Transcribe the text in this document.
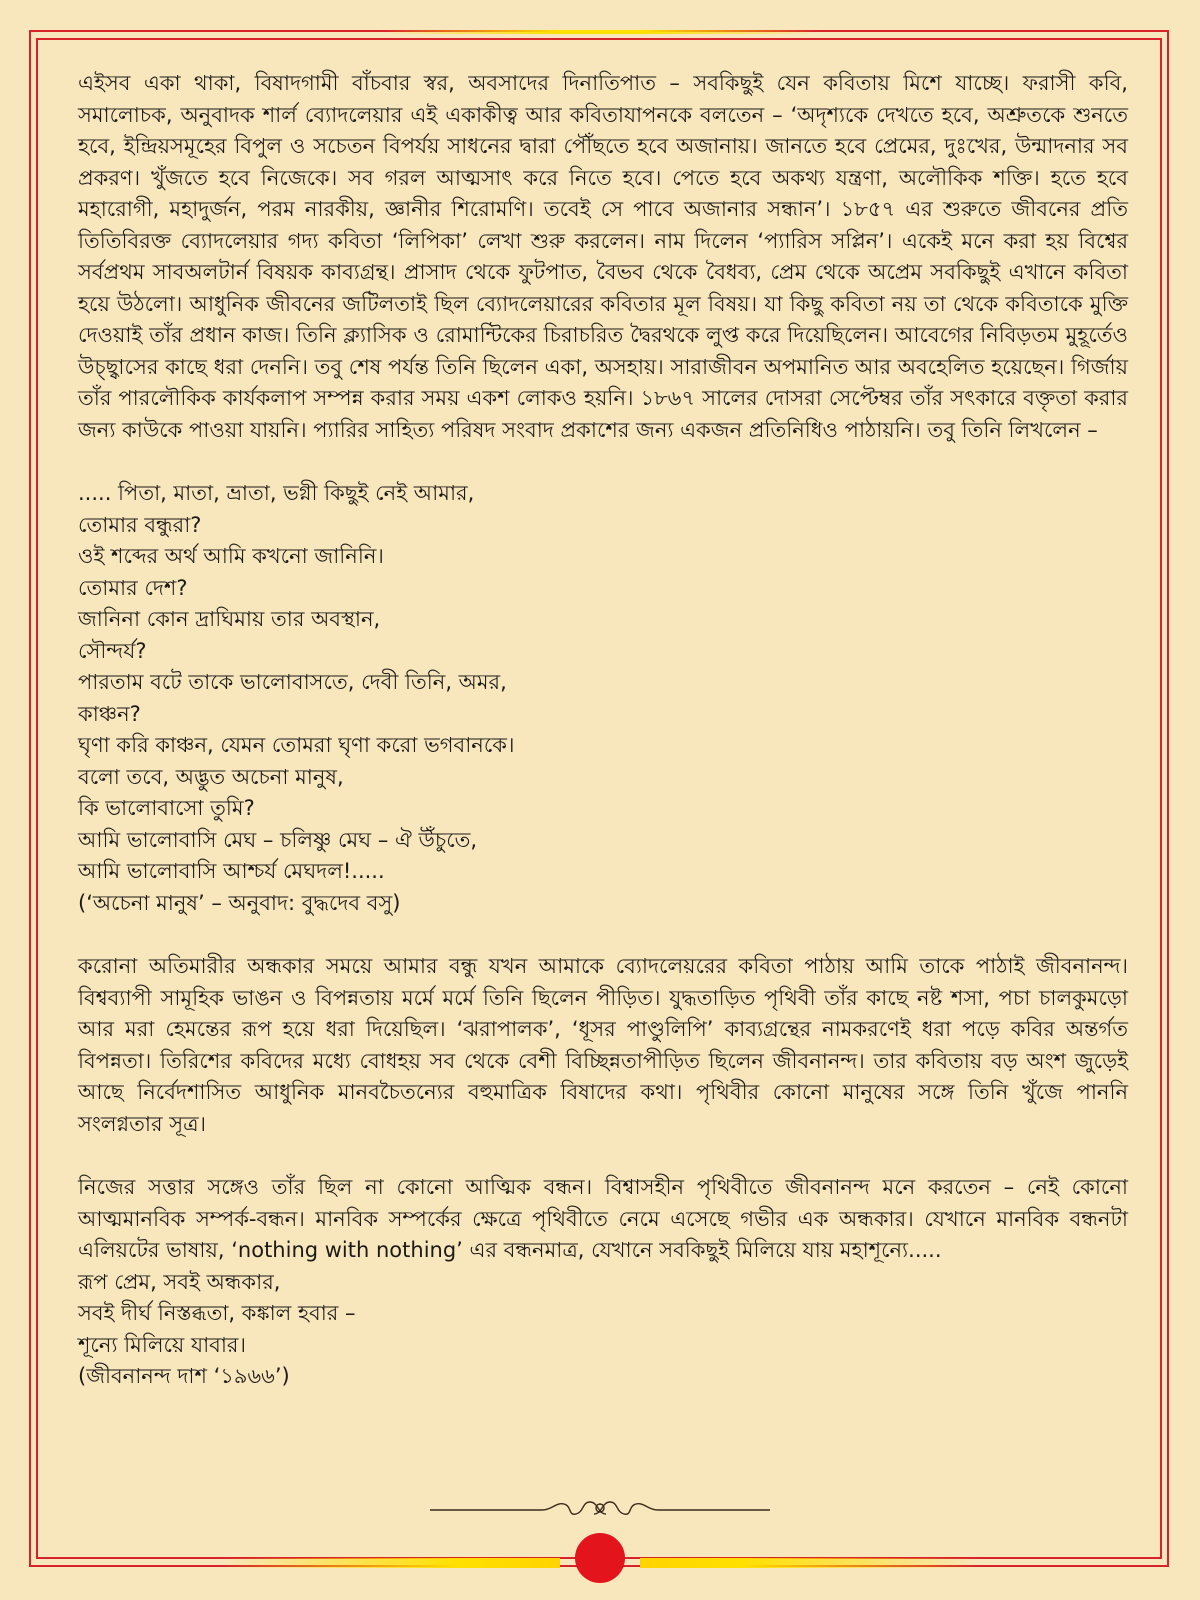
এইসব একা থাকা, বিষাদগামী বাঁচবার স্বর, অবসাদের দিনাতিপাত – সবকিছুই যেন কবিতায় মিশে যাচ্ছে। ফরাসী কবি, সমালোচক, অনুবাদক শার্ল ব্যোদলেয়ার এই একাকীত্ব আর কবিতাযাপনকে বলতেন – ‘অদৃশ্যকে দেখতে হবে, অশ্রুতকে শুনতে হবে, ইন্দ্রিয়সমূহের বিপুল ও সচেতন বিপর্যয় সাধনের দ্বারা পৌঁছতে হবে অজানায়। জানতে হবে প্রেমের, দুঃখের, উন্মাদনার সব প্রকরণ। খুঁজতে হবে নিজেকে। সব গরল আত্মসাৎ করে নিতে হবে। পেতে হবে অকথ্য যন্ত্রণা, অলৌকিক শক্তি। হতে হবে মহারোগী, মহাদুর্জন, পরম নারকীয়, জ্ঞানীর শিরোমণি। তবেই সে পাবে অজানার সন্ধান’। ১৮৫৭ এর শুরুতে জীবনের প্রতি তিতিবিরক্ত ব্যোদলেয়ার গদ্য কবিতা ‘লিপিকা’ লেখা শুরু করলেন। নাম দিলেন ‘প্যারিস সপ্লিন’। একেই মনে করা হয় বিশ্বের সর্বপ্রথম সাবঅলটার্ন বিষয়ক কাব্যগ্রন্থ। প্রাসাদ থেকে ফুটপাত, বৈভব থেকে বৈধব্য, প্রেম থেকে অপ্রেম সবকিছুই এখানে কবিতা হয়ে উঠলো। আধুনিক জীবনের জটিলতাই ছিল ব্যোদলেয়ারের কবিতার মূল বিষয়। যা কিছু কবিতা নয় তা থেকে কবিতাকে মুক্তি দেওয়াই তাঁর প্রধান কাজ। তিনি ক্ল্যাসিক ও রোমান্টিকের চিরাচরিত দ্বৈরথকে লুপ্ত করে দিয়েছিলেন। আবেগের নিবিড়তম মুহূর্তেও উচ্ছ্বাসের কাছে ধরা দেননি। তবু শেষ পর্যন্ত তিনি ছিলেন একা, অসহায়। সারাজীবন অপমানিত আর অবহেলিত হয়েছেন। গির্জায় তাঁর পারলৌকিক কার্যকলাপ সম্পন্ন করার সময় একশ লোকও হয়নি। ১৮৬৭ সালের দোসরা সেপ্টেম্বর তাঁর সৎকারে বক্তৃতা করার জন্য কাউকে পাওয়া যায়নি। প্যারির সাহিত্য পরিষদ সংবাদ প্রকাশের জন্য একজন প্রতিনিধিও পাঠায়নি। তবু তিনি লিখলেন –

..... পিতা, মাতা, ভ্রাতা, ভগ্নী কিছুই নেই আমার,
তোমার বন্ধুরা?
ওই শব্দের অর্থ আমি কখনো জানিনি।
তোমার দেশ?
জানিনা কোন দ্রাঘিমায় তার অবস্থান,
সৌন্দর্য?
পারতাম বটে তাকে ভালোবাসতে, দেবী তিনি, অমর,
কাঞ্চন?
ঘৃণা করি কাঞ্চন, যেমন তোমরা ঘৃণা করো ভগবানকে।
বলো তবে, অদ্ভুত অচেনা মানুষ,
কি ভালোবাসো তুমি?
আমি ভালোবাসি মেঘ – চলিষ্ণু মেঘ – ঐ উঁচুতে,
আমি ভালোবাসি আশ্চর্য মেঘদল!.....
(‘অচেনা মানুষ’ – অনুবাদ: বুদ্ধদেব বসু)

করোনা অতিমারীর অন্ধকার সময়ে আমার বন্ধু যখন আমাকে ব্যোদলেয়রের কবিতা পাঠায় আমি তাকে পাঠাই জীবনানন্দ। বিশ্বব্যাপী সামূহিক ভাঙন ও বিপন্নতায় মর্মে মর্মে তিনি ছিলেন পীড়িত। যুদ্ধতাড়িত পৃথিবী তাঁর কাছে নষ্ট শসা, পচা চালকুমড়ো আর মরা হেমন্তের রূপ হয়ে ধরা দিয়েছিল। ‘ঝরাপালক’, ‘ধূসর পাণ্ডুলিপি’ কাব্যগ্রন্থের নামকরণেই ধরা পড়ে কবির অন্তর্গত বিপন্নতা। তিরিশের কবিদের মধ্যে বোধহয় সব থেকে বেশী বিচ্ছিন্নতাপীড়িত ছিলেন জীবনানন্দ। তার কবিতায় বড় অংশ জুড়েই আছে নির্বেদশাসিত আধুনিক মানবচৈতন্যের বহুমাত্রিক বিষাদের কথা। পৃথিবীর কোনো মানুষের সঙ্গে তিনি খুঁজে পাননি সংলগ্নতার সূত্র।

নিজের সত্তার সঙ্গেও তাঁর ছিল না কোনো আত্মিক বন্ধন। বিশ্বাসহীন পৃথিবীতে জীবনানন্দ মনে করতেন – নেই কোনো আত্মমানবিক সম্পর্ক-বন্ধন। মানবিক সম্পর্কের ক্ষেত্রে পৃথিবীতে নেমে এসেছে গভীর এক অন্ধকার। যেখানে মানবিক বন্ধনটা এলিয়টের ভাষায়, ‘nothing with nothing’ এর বন্ধনমাত্র, যেখানে সবকিছুই মিলিয়ে যায় মহাশূন্যে.....

রূপ প্রেম, সবই অন্ধকার,
সবই দীর্ঘ নিস্তব্ধতা, কঙ্কাল হবার –
শূন্যে মিলিয়ে যাবার।
(জীবনানন্দ দাশ ‘১৯৬৬’)
